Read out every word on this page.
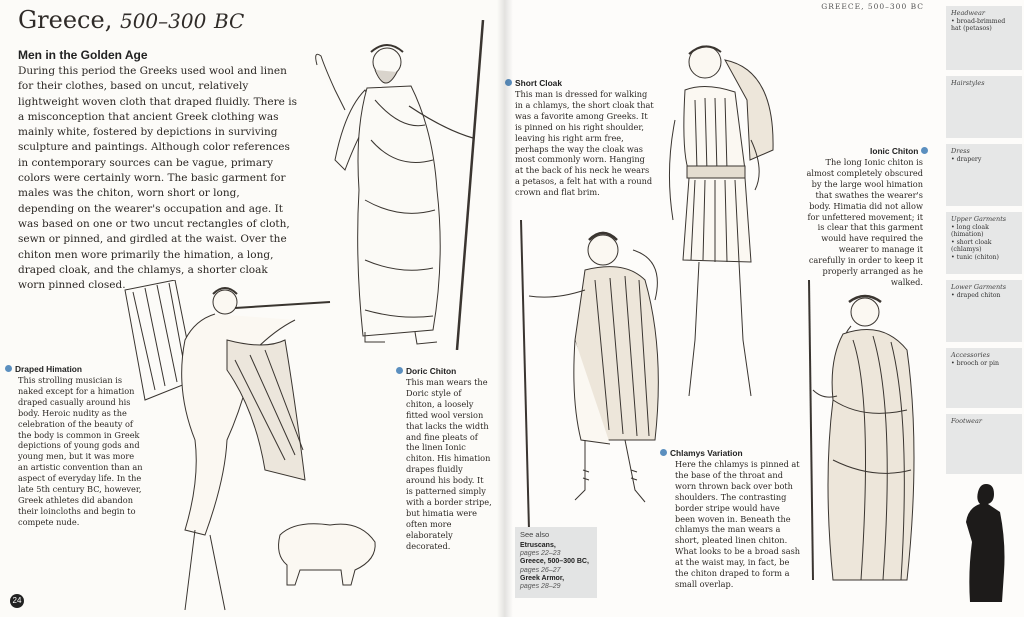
Greece, 500–300 BC
Men in the Golden Age

During this period the Greeks used wool and linen for their clothes, based on uncut, relatively lightweight woven cloth that draped fluidly. There is a misconception that ancient Greek clothing was mainly white, fostered by depictions in surviving sculpture and paintings. Although color references in contemporary sources can be vague, primary colors were certainly worn. The basic garment for males was the chiton, worn short or long, depending on the wearer's occupation and age. It was based on one or two uncut rectangles of cloth, sewn or pinned, and girdled at the waist. Over the chiton men wore primarily the himation, a long, draped cloak, and the chlamys, a shorter cloak worn pinned closed.

Draped Himation

This strolling musician is naked except for a himation draped casually around his body. Heroic nudity as the celebration of the beauty of the body is common in Greek depictions of young gods and young men, but it was more an artistic convention than an aspect of everyday life. In the late 5th century BC, however, Greek athletes did abandon their loincloths and begin to compete nude.

Doric Chiton

This man wears the Doric style of chiton, a loosely fitted wool version that lacks the width and fine pleats of the linen Ionic chiton. His himation drapes fluidly around his body. It is patterned simply with a border stripe, but himatia were often more elaborately decorated.

24
GREECE, 500–300 BC
Short Cloak

This man is dressed for walking in a chlamys, the short cloak that was a favorite among Greeks. It is pinned on his right shoulder, leaving his right arm free, perhaps the way the cloak was most commonly worn. Hanging at the back of his neck he wears a petasos, a felt hat with a round crown and flat brim.

Ionic Chiton

The long Ionic chiton is almost completely obscured by the large wool himation that swathes the wearer's body. Himatia did not allow for unfettered movement; it is clear that this garment would have required the wearer to manage it carefully in order to keep it properly arranged as he walked.

Chlamys Variation

Here the chlamys is pinned at the base of the throat and worn thrown back over both shoulders. The contrasting border stripe would have been woven in. Beneath the chlamys the man wears a short, pleated linen chiton. What looks to be a broad sash at the waist may, in fact, be the chiton draped to form a small overlap.

See also
Etruscans,
pages 22–23
Greece, 500–300 BC,
pages 26–27
Greek Armor,
pages 28–29
Headwear
• broad-brimmed hat (petasos)
Hairstyles
Dress
• drapery
Upper Garments
• long cloak (himation)
• short cloak (chlamys)
• tunic (chiton)
Lower Garments
• draped chiton
Accessories
• brooch or pin
Footwear
